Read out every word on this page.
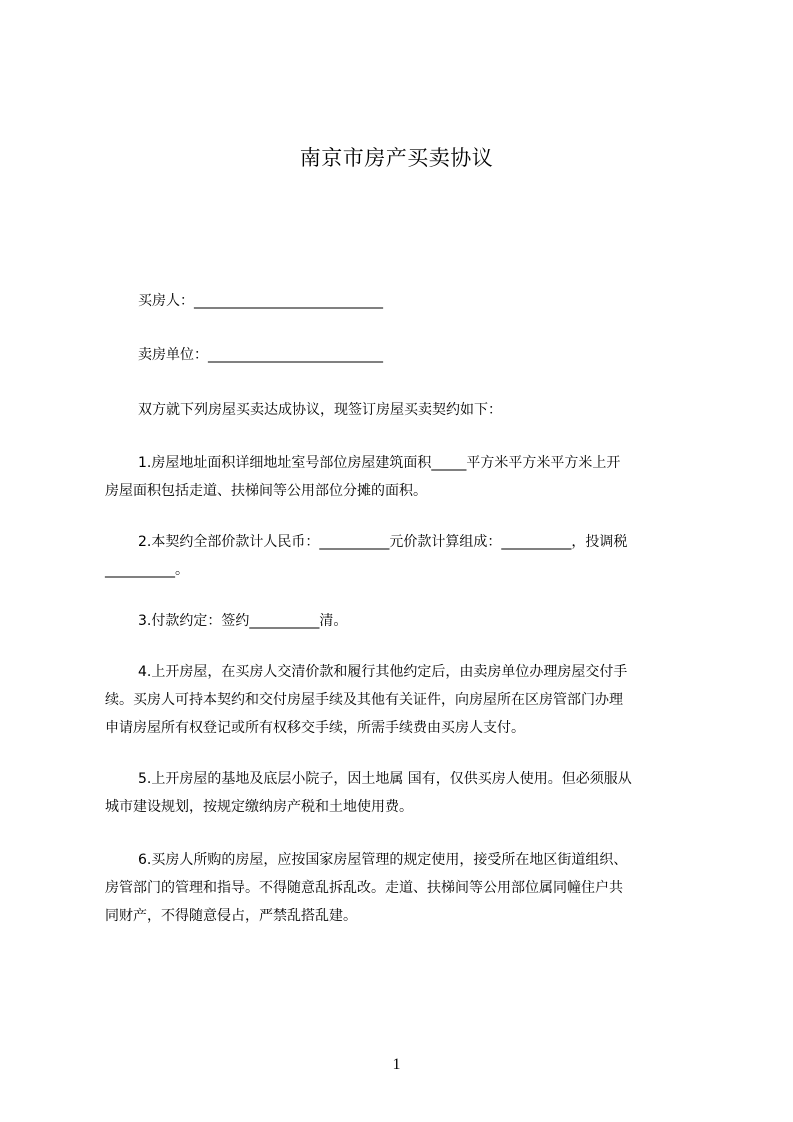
南京市房产买卖协议
买房人：___________________________
卖房单位：_________________________
双方就下列房屋买卖达成协议，现签订房屋买卖契约如下：
1.房屋地址面积详细地址室号部位房屋建筑面积_____平方米平方米平方米上开
房屋面积包括走道、扶梯间等公用部位分摊的面积。
2.本契约全部价款计人民币：__________元价款计算组成：__________，投调税
__________。
3.付款约定：签约__________清。
4.上开房屋，在买房人交清价款和履行其他约定后，由卖房单位办理房屋交付手
续。买房人可持本契约和交付房屋手续及其他有关证件，向房屋所在区房管部门办理
申请房屋所有权登记或所有权移交手续，所需手续费由买房人支付。
5.上开房屋的基地及底层小院子，因土地属 国有，仅供买房人使用。但必须服从
城市建设规划，按规定缴纳房产税和土地使用费。
6.买房人所购的房屋，应按国家房屋管理的规定使用，接受所在地区街道组织、
房管部门的管理和指导。不得随意乱拆乱改。走道、扶梯间等公用部位属同幢住户共
同财产，不得随意侵占，严禁乱搭乱建。
1
